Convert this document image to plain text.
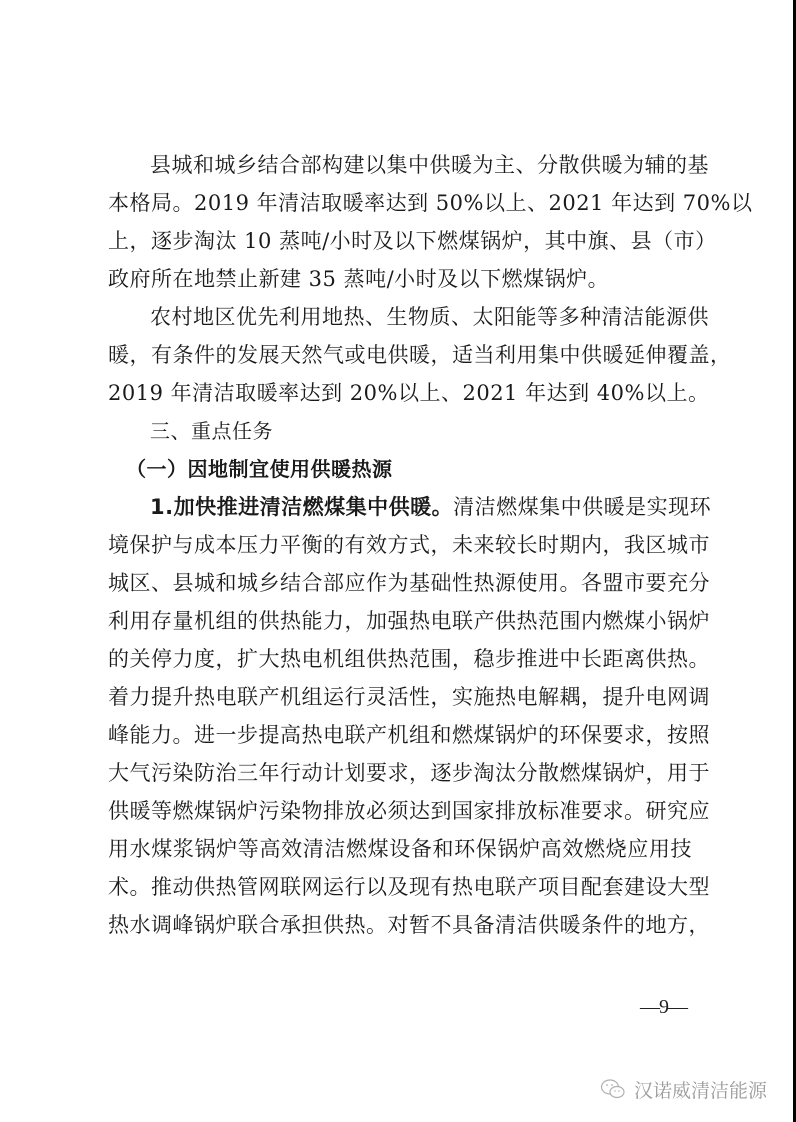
县城和城乡结合部构建以集中供暖为主、分散供暖为辅的基
本格局。2019 年清洁取暖率达到 50%以上、2021 年达到 70%以
上，逐步淘汰 10 蒸吨/小时及以下燃煤锅炉，其中旗、县（市）
政府所在地禁止新建 35 蒸吨/小时及以下燃煤锅炉。
农村地区优先利用地热、生物质、太阳能等多种清洁能源供
暖，有条件的发展天然气或电供暖，适当利用集中供暖延伸覆盖，
2019 年清洁取暖率达到 20%以上、2021 年达到 40%以上。
三、重点任务
（一）因地制宜使用供暖热源
1.加快推进清洁燃煤集中供暖。清洁燃煤集中供暖是实现环
境保护与成本压力平衡的有效方式，未来较长时期内，我区城市
城区、县城和城乡结合部应作为基础性热源使用。各盟市要充分
利用存量机组的供热能力，加强热电联产供热范围内燃煤小锅炉
的关停力度，扩大热电机组供热范围，稳步推进中长距离供热。
着力提升热电联产机组运行灵活性，实施热电解耦，提升电网调
峰能力。进一步提高热电联产机组和燃煤锅炉的环保要求，按照
大气污染防治三年行动计划要求，逐步淘汰分散燃煤锅炉，用于
供暖等燃煤锅炉污染物排放必须达到国家排放标准要求。研究应
用水煤浆锅炉等高效清洁燃煤设备和环保锅炉高效燃烧应用技
术。推动供热管网联网运行以及现有热电联产项目配套建设大型
热水调峰锅炉联合承担供热。对暂不具备清洁供暖条件的地方，
—9—
汉诺威清洁能源
